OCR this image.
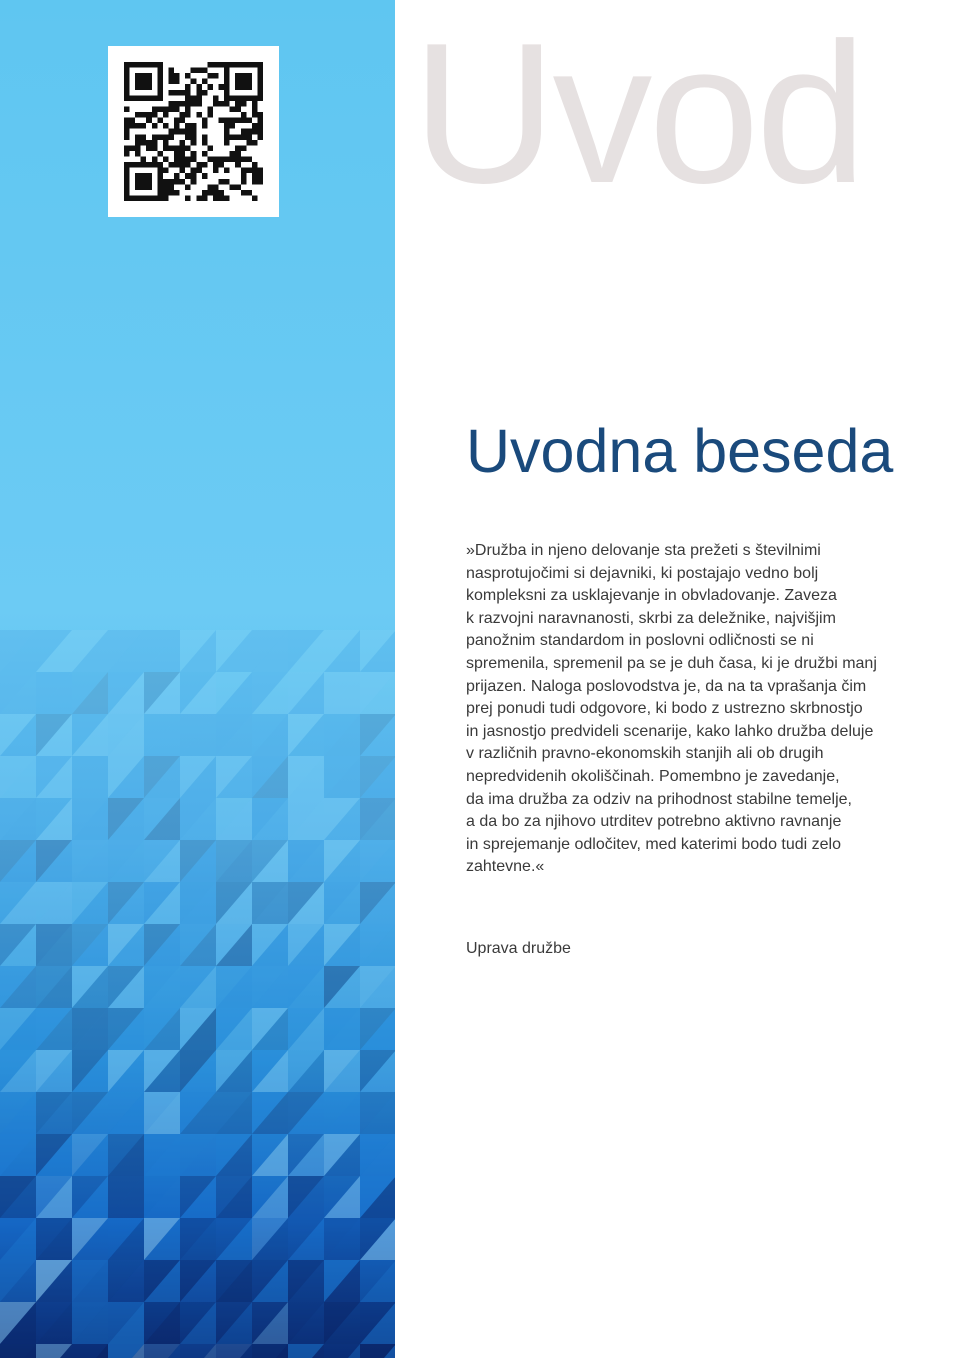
Uvod
Uvodna beseda
»Družba in njeno delovanje sta prežeti s številnimi
nasprotujočimi si dejavniki, ki postajajo vedno bolj
kompleksni za usklajevanje in obvladovanje. Zaveza
k razvojni naravnanosti, skrbi za deležnike, najvišjim
panožnim standardom in poslovni odličnosti se ni
spremenila, spremenil pa se je duh časa, ki je družbi manj
prijazen. Naloga poslovodstva je, da na ta vprašanja čim
prej ponudi tudi odgovore, ki bodo z ustrezno skrbnostjo
in jasnostjo predvideli scenarije, kako lahko družba deluje
v različnih pravno-ekonomskih stanjih ali ob drugih
nepredvidenih okoliščinah. Pomembno je zavedanje,
da ima družba za odziv na prihodnost stabilne temelje,
a da bo za njihovo utrditev potrebno aktivno ravnanje
in sprejemanje odločitev, med katerimi bodo tudi zelo
zahtevne.«
Uprava družbe
